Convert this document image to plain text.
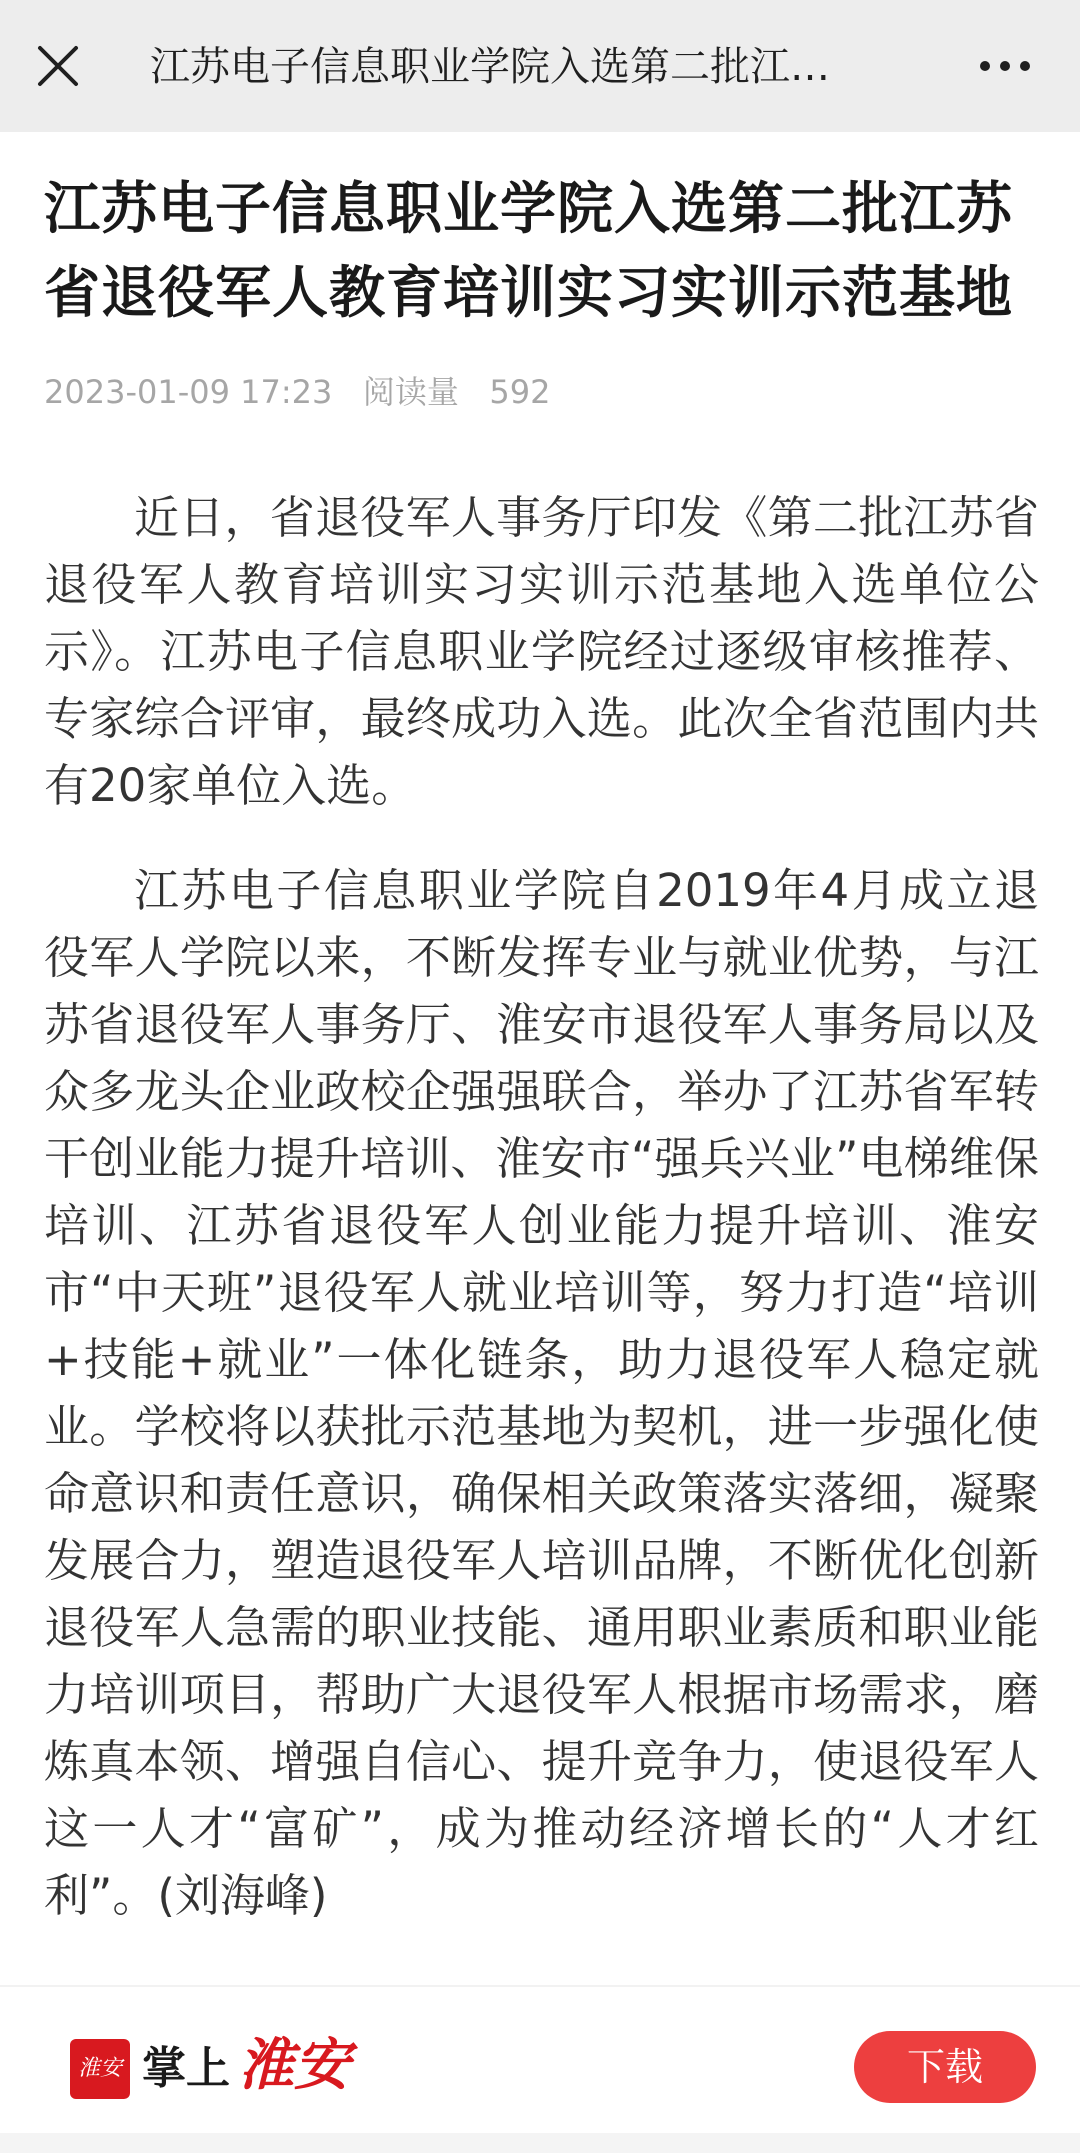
江苏电子信息职业学院入选第二批江…
江苏电子信息职业学院入选第二批江苏省退役军人教育培训实习实训示范基地
2023-01-09 17:23 阅读量 592

近日，省退役军人事务厅印发《第二批江苏省退役军人教育培训实习实训示范基地入选单位公示》。江苏电子信息职业学院经过逐级审核推荐、专家综合评审，最终成功入选。此次全省范围内共有20家单位入选。

江苏电子信息职业学院自2019年4月成立退役军人学院以来，不断发挥专业与就业优势，与江苏省退役军人事务厅、淮安市退役军人事务局以及众多龙头企业政校企强强联合，举办了江苏省军转干创业能力提升培训、淮安市“强兵兴业”电梯维保培训、江苏省退役军人创业能力提升培训、淮安市“中天班”退役军人就业培训等，努力打造“培训+技能+就业”一体化链条，助力退役军人稳定就业。学校将以获批示范基地为契机，进一步强化使命意识和责任意识，确保相关政策落实落细，凝聚发展合力，塑造退役军人培训品牌，不断优化创新退役军人急需的职业技能、通用职业素质和职业能力培训项目，帮助广大退役军人根据市场需求，磨炼真本领、增强自信心、提升竞争力，使退役军人这一人才“富矿”，成为推动经济增长的“人才红利”。(刘海峰)

淮安 掌上 淮安	下载
